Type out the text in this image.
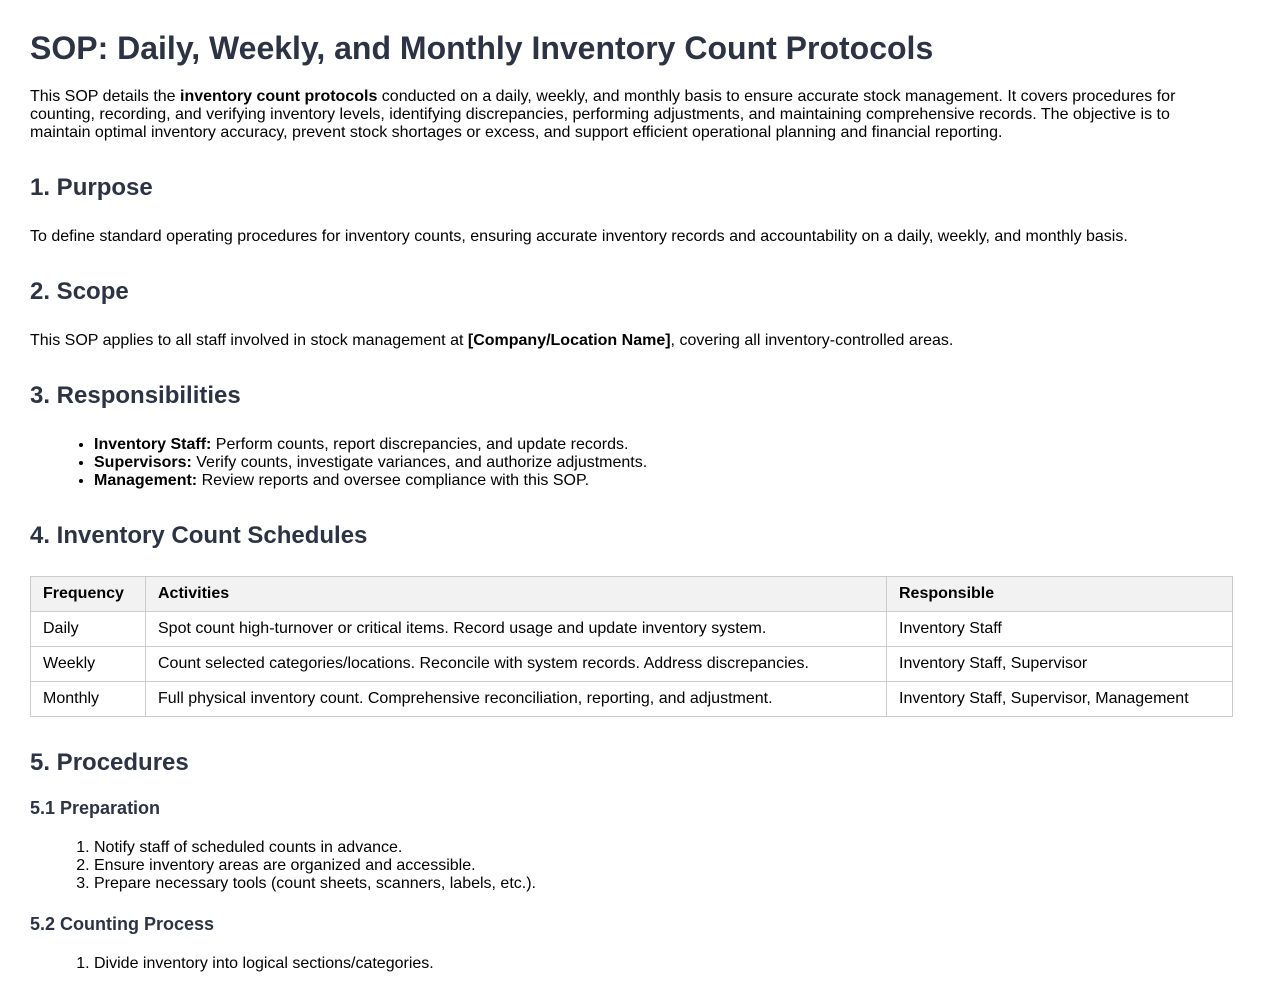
SOP: Daily, Weekly, and Monthly Inventory Count Protocols

This SOP details the inventory count protocols conducted on a daily, weekly, and monthly basis to ensure accurate stock management. It covers procedures for counting, recording, and verifying inventory levels, identifying discrepancies, performing adjustments, and maintaining comprehensive records. The objective is to maintain optimal inventory accuracy, prevent stock shortages or excess, and support efficient operational planning and financial reporting.

1. Purpose

To define standard operating procedures for inventory counts, ensuring accurate inventory records and accountability on a daily, weekly, and monthly basis.

2. Scope

This SOP applies to all staff involved in stock management at [Company/Location Name], covering all inventory-controlled areas.

3. Responsibilities
• Inventory Staff: Perform counts, report discrepancies, and update records.
• Supervisors: Verify counts, investigate variances, and authorize adjustments.
• Management: Review reports and oversee compliance with this SOP.
4. Inventory Count Schedules
Frequency	Activities	Responsible
Daily	Spot count high-turnover or critical items. Record usage and update inventory system.	Inventory Staff
Weekly	Count selected categories/locations. Reconcile with system records. Address discrepancies.	Inventory Staff, Supervisor
Monthly	Full physical inventory count. Comprehensive reconciliation, reporting, and adjustment.	Inventory Staff, Supervisor, Management
5. Procedures
5.1 Preparation
1. Notify staff of scheduled counts in advance.
2. Ensure inventory areas are organized and accessible.
3. Prepare necessary tools (count sheets, scanners, labels, etc.).
5.2 Counting Process
1. Divide inventory into logical sections/categories.
